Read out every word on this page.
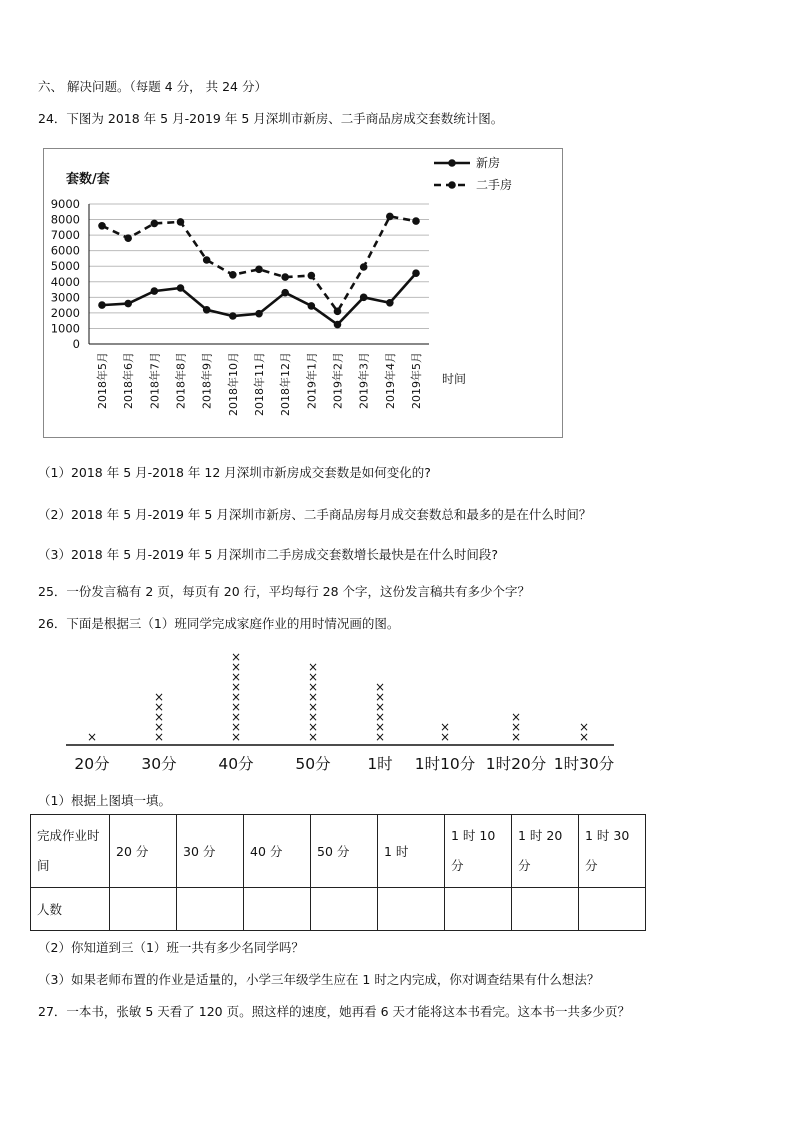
六、 解决问题。（每题 4 分， 共 24 分）
24．下图为 2018 年 5 月-2019 年 5 月深圳市新房、二手商品房成交套数统计图。
0
1000
2000
3000
4000
5000
6000
7000
8000
9000
套数/套
2018年5月 2018年6月 2018年7月 2018年8月 2018年9月 2018年10月 2018年11月 2018年12月 2019年1月 2019年2月 2019年3月 2019年4月 2019年5月 时间
新房
二手房
（1）2018 年 5 月-2018 年 12 月深圳市新房成交套数是如何变化的?
（2）2018 年 5 月-2019 年 5 月深圳市新房、二手商品房每月成交套数总和最多的是在什么时间？
（3）2018 年 5 月-2019 年 5 月深圳市二手房成交套数增长最快是在什么时间段?
25．一份发言稿有 2 页，每页有 20 行，平均每行 28 个字，这份发言稿共有多少个字？
26．下面是根据三（1）班同学完成家庭作业的用时情况画的图。
×
20分
×
×
×
×
×
30分
×
×
×
×
×
×
×
×
×
40分
×
×
×
×
×
×
×
×
50分
×
×
×
×
×
×
1时
×
×
1时10分
×
×
×
1时20分
×
×
1时30分
（1）根据上图填一填。
完成作业时间	20 分	30 分	40 分	50 分	1 时	1 时 10 分	1 时 20 分	1 时 30 分
人数								
（2）你知道到三（1）班一共有多少名同学吗？
（3）如果老师布置的作业是适量的，小学三年级学生应在 1 时之内完成，你对调查结果有什么想法？
27．一本书，张敏 5 天看了 120 页。照这样的速度，她再看 6 天才能将这本书看完。这本书一共多少页？
